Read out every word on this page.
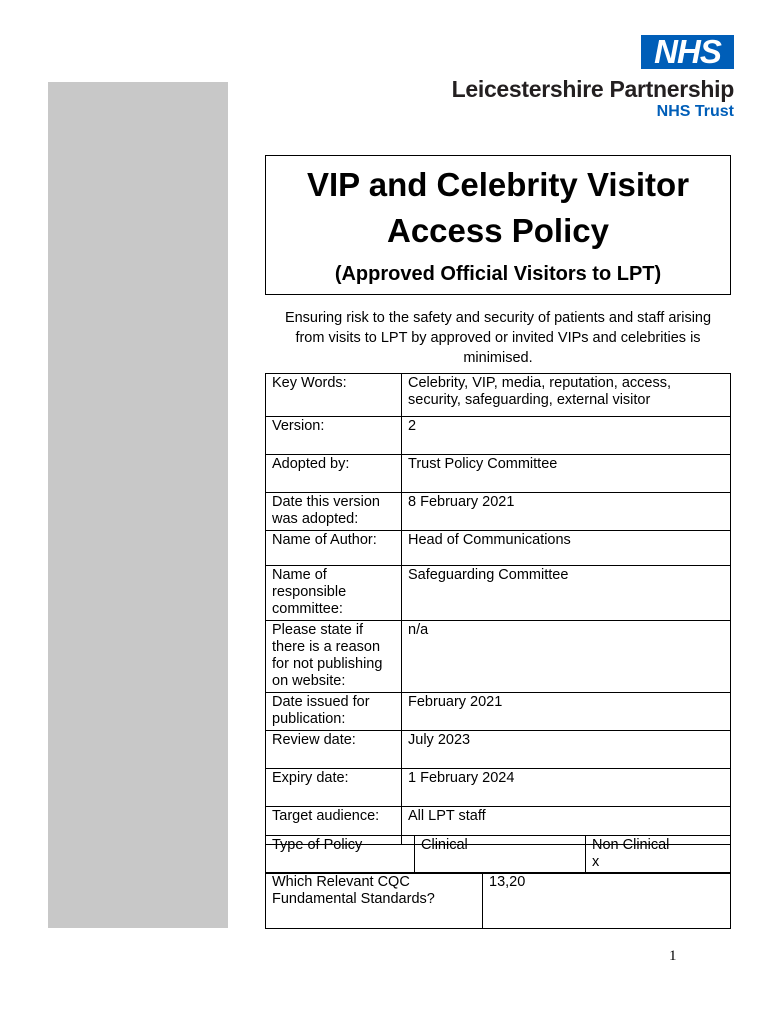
NHS
Leicestershire Partnership
NHS Trust
VIP and Celebrity Visitor
Access Policy
(Approved Official Visitors to LPT)
Ensuring risk to the safety and security of patients and staff arising from visits to LPT by approved or invited VIPs and celebrities is minimised.
Key Words:	Celebrity, VIP, media, reputation, access, security, safeguarding, external visitor
Version:	2
Adopted by:	Trust Policy Committee
Date this version was adopted:	8 February 2021
Name of Author:	Head of Communications
Name of responsible committee:	Safeguarding Committee
Please state if there is a reason for not publishing on website:	n/a
Date issued for publication:	February 2021
Review date:	July 2023
Expiry date:	1 February 2024
Target audience:	All LPT staff
Type of Policy	Clinical	Non Clinical
x
Which Relevant CQC Fundamental Standards?	13,20
1
